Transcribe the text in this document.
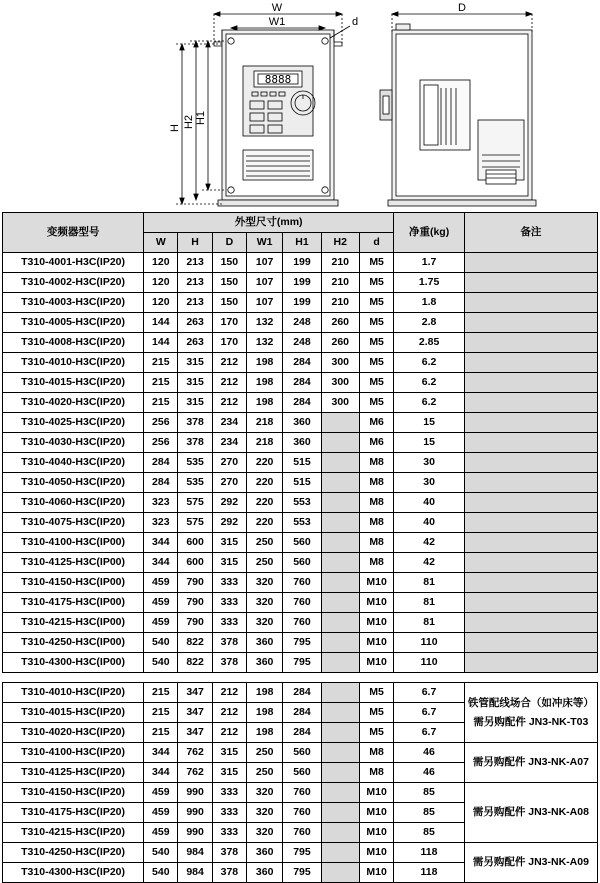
W
W1
D
d
H H2 H1
8888
变频器型号	外型尺寸(mm)							净重(kg)	备注
	W	H	D	W1	H1	H2	d		
T310-4001-H3C(IP20)	120	213	150	107	199	210	M5	1.7	
T310-4002-H3C(IP20)	120	213	150	107	199	210	M5	1.75	
T310-4003-H3C(IP20)	120	213	150	107	199	210	M5	1.8	
T310-4005-H3C(IP20)	144	263	170	132	248	260	M5	2.8	
T310-4008-H3C(IP20)	144	263	170	132	248	260	M5	2.85	
T310-4010-H3C(IP20)	215	315	212	198	284	300	M5	6.2	
T310-4015-H3C(IP20)	215	315	212	198	284	300	M5	6.2	
T310-4020-H3C(IP20)	215	315	212	198	284	300	M5	6.2	
T310-4025-H3C(IP20)	256	378	234	218	360		M6	15	
T310-4030-H3C(IP20)	256	378	234	218	360		M6	15	
T310-4040-H3C(IP20)	284	535	270	220	515		M8	30	
T310-4050-H3C(IP20)	284	535	270	220	515		M8	30	
T310-4060-H3C(IP20)	323	575	292	220	553		M8	40	
T310-4075-H3C(IP20)	323	575	292	220	553		M8	40	
T310-4100-H3C(IP00)	344	600	315	250	560		M8	42	
T310-4125-H3C(IP00)	344	600	315	250	560		M8	42	
T310-4150-H3C(IP00)	459	790	333	320	760		M10	81	
T310-4175-H3C(IP00)	459	790	333	320	760		M10	81	
T310-4215-H3C(IP00)	459	790	333	320	760		M10	81	
T310-4250-H3C(IP00)	540	822	378	360	795		M10	110	
T310-4300-H3C(IP00)	540	822	378	360	795		M10	110	
T310-4010-H3C(IP20)	215	347	212	198	284		M5	6.7	铁管配线场合（如冲床等）需另购配件 JN3-NK-T03
T310-4015-H3C(IP20)	215	347	212	198	284		M5	6.7	
T310-4020-H3C(IP20)	215	347	212	198	284		M5	6.7	
T310-4100-H3C(IP20)	344	762	315	250	560		M8	46	需另购配件 JN3-NK-A07
T310-4125-H3C(IP20)	344	762	315	250	560		M8	46	
T310-4150-H3C(IP20)	459	990	333	320	760		M10	85	需另购配件 JN3-NK-A08
T310-4175-H3C(IP20)	459	990	333	320	760		M10	85	
T310-4215-H3C(IP20)	459	990	333	320	760		M10	85	
T310-4250-H3C(IP20)	540	984	378	360	795		M10	118	需另购配件 JN3-NK-A09
T310-4300-H3C(IP20)	540	984	378	360	795		M10	118	
